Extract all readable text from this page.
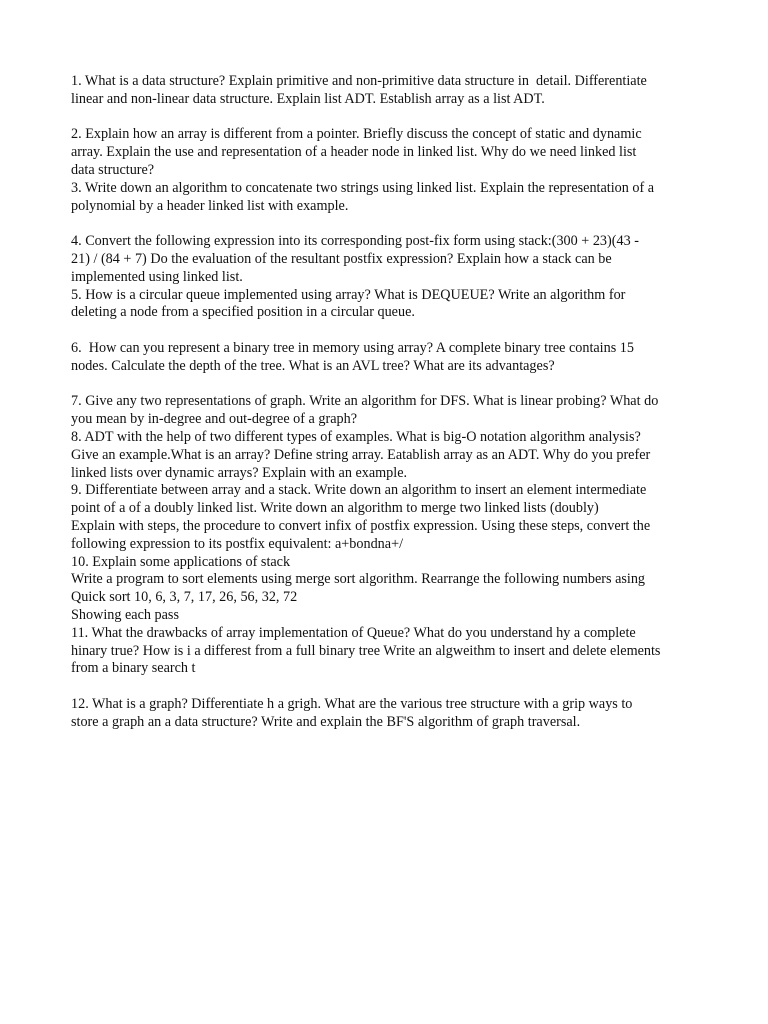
1. What is a data structure? Explain primitive and non-primitive data structure in  detail. Differentiate
linear and non-linear data structure. Explain list ADT. Establish array as a list ADT.
2. Explain how an array is different from a pointer. Briefly discuss the concept of static and dynamic
array. Explain the use and representation of a header node in linked list. Why do we need linked list
data structure?
3. Write down an algorithm to concatenate two strings using linked list. Explain the representation of a
polynomial by a header linked list with example.
4. Convert the following expression into its corresponding post-fix form using stack:(300 + 23)(43 -
21) / (84 + 7) Do the evaluation of the resultant postfix expression? Explain how a stack can be
implemented using linked list.
5. How is a circular queue implemented using array? What is DEQUEUE? Write an algorithm for
deleting a node from a specified position in a circular queue.
6.  How can you represent a binary tree in memory using array? A complete binary tree contains 15
nodes. Calculate the depth of the tree. What is an AVL tree? What are its advantages?
7. Give any two representations of graph. Write an algorithm for DFS. What is linear probing? What do
you mean by in-degree and out-degree of a graph?
8. ADT with the help of two different types of examples. What is big-O notation algorithm analysis?
Give an example.What is an array? Define string array. Eatablish array as an ADT. Why do you prefer
linked lists over dynamic arrays? Explain with an example.
9. Differentiate between array and a stack. Write down an algorithm to insert an element intermediate
point of a of a doubly linked list. Write down an algorithm to merge two linked lists (doubly)
Explain with steps, the procedure to convert infix of postfix expression. Using these steps, convert the
following expression to its postfix equivalent: a+bondna+/
10. Explain some applications of stack
Write a program to sort elements using merge sort algorithm. Rearrange the following numbers asing
Quick sort 10, 6, 3, 7, 17, 26, 56, 32, 72
Showing each pass
11. What the drawbacks of array implementation of Queue? What do you understand hy a complete
hinary true? How is i a differest from a full binary tree Write an algweithm to insert and delete elements
from a binary search t
12. What is a graph? Differentiate h a grigh. What are the various tree structure with a grip ways to
store a graph an a data structure? Write and explain the BF'S algorithm of graph traversal.
